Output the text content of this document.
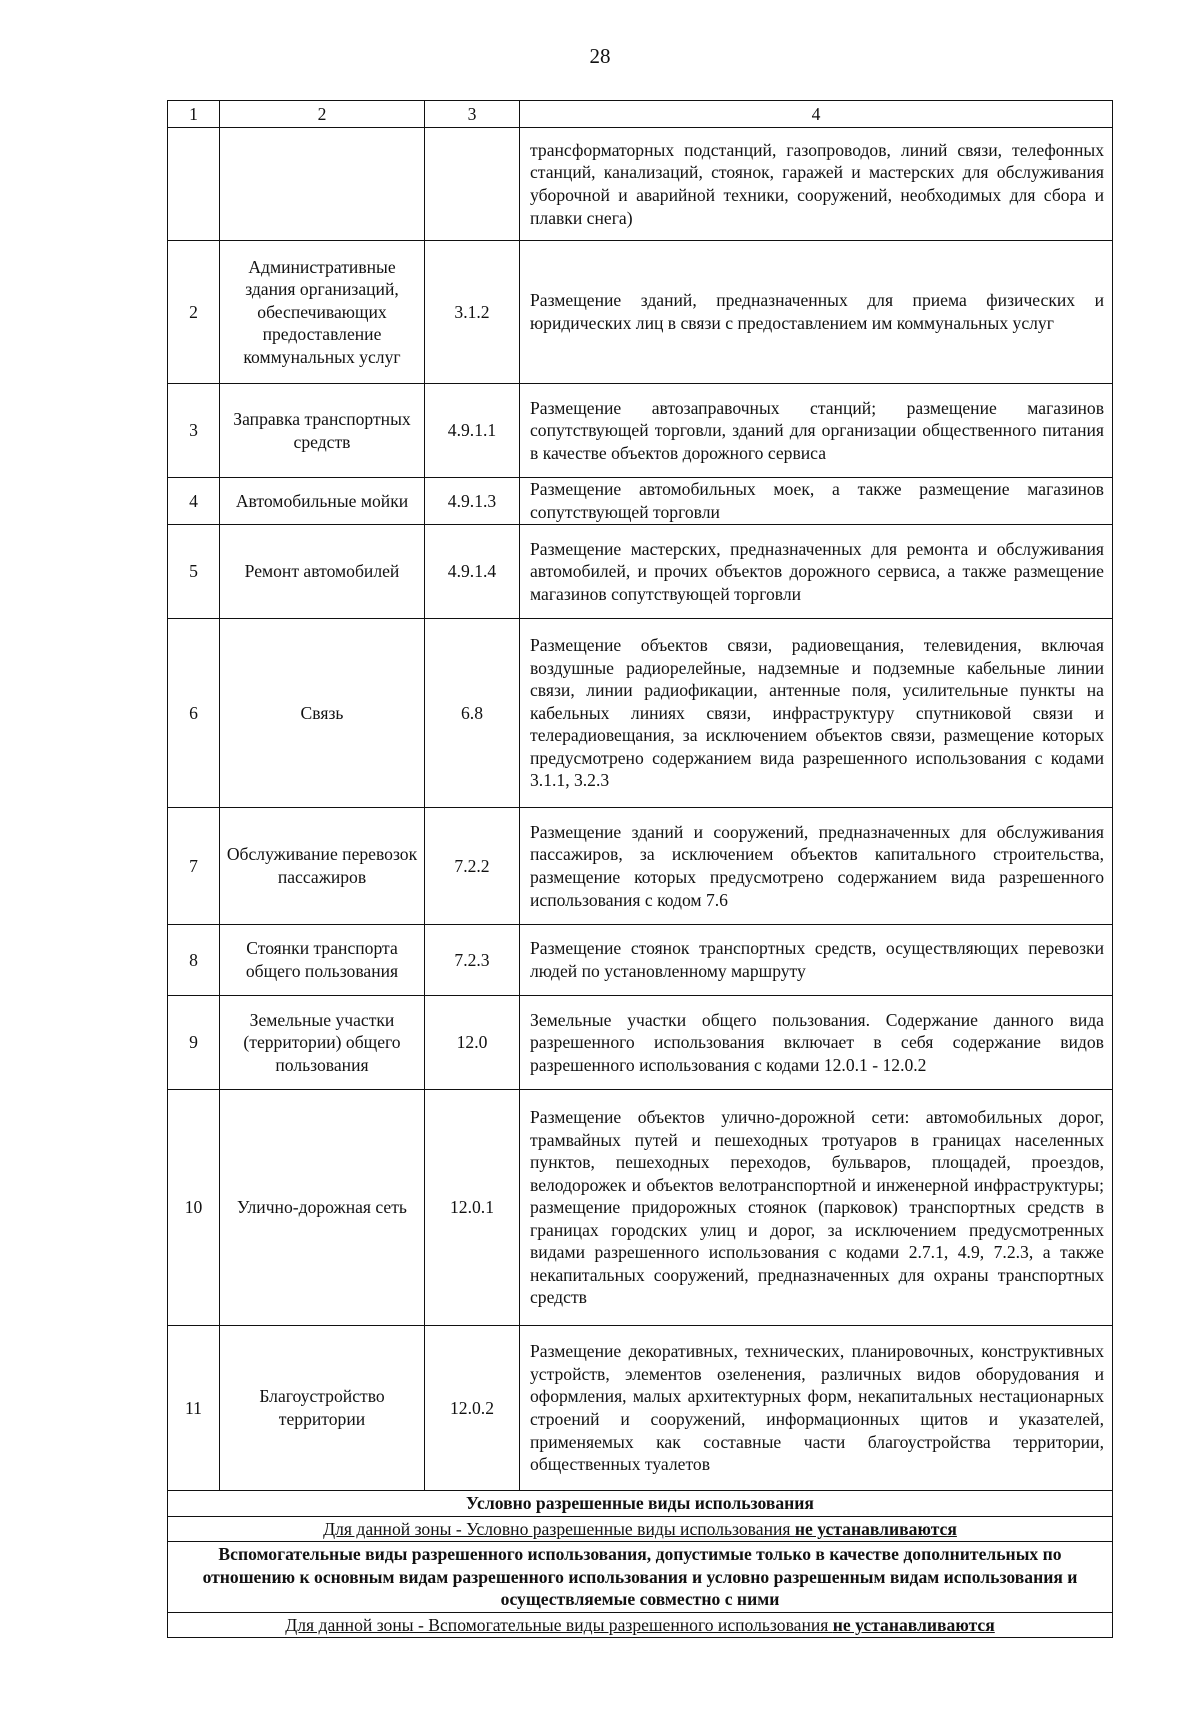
28
1	2	3	4
			трансформаторных подстанций, газопроводов, линий связи, телефонных станций, канализаций, стоянок, гаражей и мастерских для обслуживания уборочной и аварийной техники, сооружений, необходимых для сбора и плавки снега)
2	Административные здания организаций, обеспечивающих предоставление коммунальных услуг	3.1.2	Размещение зданий, предназначенных для приема физических и юридических лиц в связи с предоставлением им коммунальных услуг
3	Заправка транспортных средств	4.9.1.1	Размещение автозаправочных станций; размещение магазинов сопутствующей торговли, зданий для организации общественного питания в качестве объектов дорожного сервиса
4	Автомобильные мойки	4.9.1.3	Размещение автомобильных моек, а также размещение магазинов сопутствующей торговли
5	Ремонт автомобилей	4.9.1.4	Размещение мастерских, предназначенных для ремонта и обслуживания автомобилей, и прочих объектов дорожного сервиса, а также размещение магазинов сопутствующей торговли
6	Связь	6.8	Размещение объектов связи, радиовещания, телевидения, включая воздушные радиорелейные, надземные и подземные кабельные линии связи, линии радиофикации, антенные поля, усилительные пункты на кабельных линиях связи, инфраструктуру спутниковой связи и телерадиовещания, за исключением объектов связи, размещение которых предусмотрено содержанием вида разрешенного использования с кодами 3.1.1, 3.2.3
7	Обслуживание перевозок пассажиров	7.2.2	Размещение зданий и сооружений, предназначенных для обслуживания пассажиров, за исключением объектов капитального строительства, размещение которых предусмотрено содержанием вида разрешенного использования с кодом 7.6
8	Стоянки транспорта общего пользования	7.2.3	Размещение стоянок транспортных средств, осуществляющих перевозки людей по установленному маршруту
9	Земельные участки (территории) общего пользования	12.0	Земельные участки общего пользования. Содержание данного вида разрешенного использования включает в себя содержание видов разрешенного использования с кодами 12.0.1 - 12.0.2
10	Улично-дорожная сеть	12.0.1	Размещение объектов улично-дорожной сети: автомобильных дорог, трамвайных путей и пешеходных тротуаров в границах населенных пунктов, пешеходных переходов, бульваров, площадей, проездов, велодорожек и объектов велотранспортной и инженерной инфраструктуры; размещение придорожных стоянок (парковок) транспортных средств в границах городских улиц и дорог, за исключением предусмотренных видами разрешенного использования с кодами 2.7.1, 4.9, 7.2.3, а также некапитальных сооружений, предназначенных для охраны транспортных средств
11	Благоустройство территории	12.0.2	Размещение декоративных, технических, планировочных, конструктивных устройств, элементов озеленения, различных видов оборудования и оформления, малых архитектурных форм, некапитальных нестационарных строений и сооружений, информационных щитов и указателей, применяемых как составные части благоустройства территории, общественных туалетов
Условно разрешенные виды использования			
Для данной зоны - Условно разрешенные виды использования не устанавливаются			
Вспомогательные виды разрешенного использования, допустимые только в качестве дополнительных по отношению к основным видам разрешенного использования и условно разрешенным видам использования и осуществляемые совместно с ними			
Для данной зоны - Вспомогательные виды разрешенного использования не устанавливаются			
